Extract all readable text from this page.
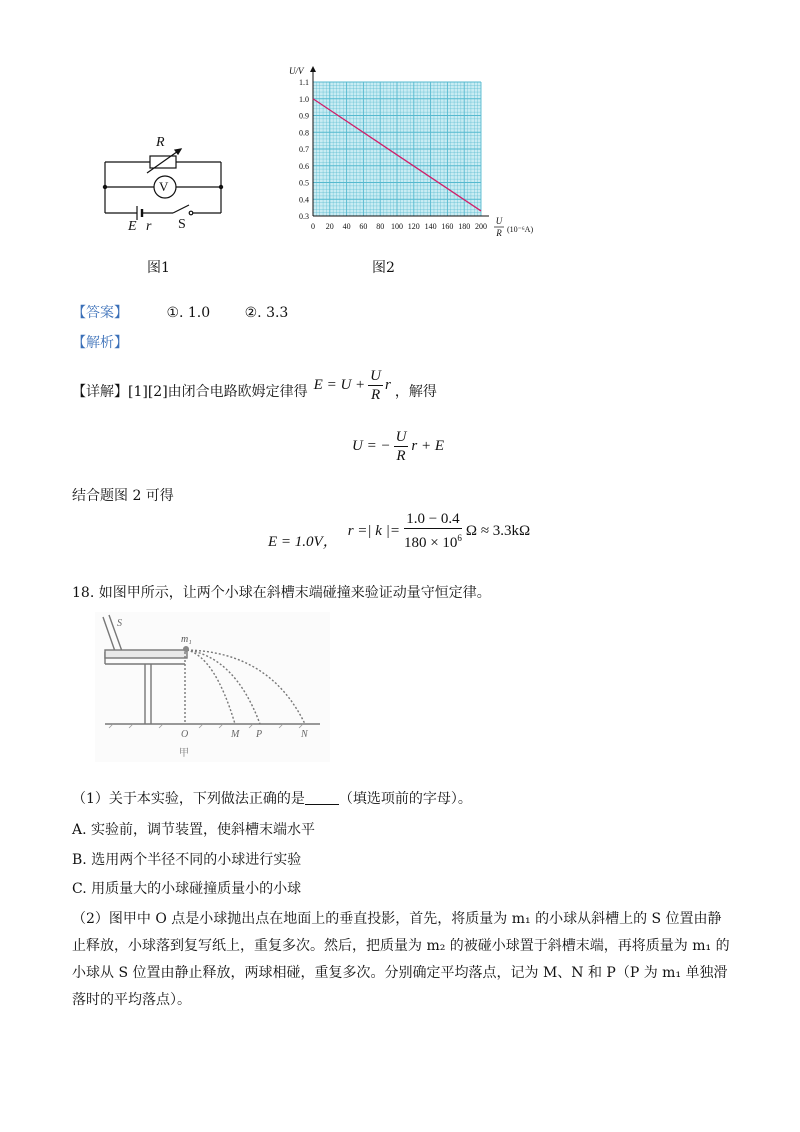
R
V
E r S
图1
1.1
1.0
0.9
0.8
0.7
0.6
0.5
0.4
0.3
0 20 40 60 80 100 120 140 160 180 200
U/V
U
R (10⁻⁶A)
图2
【答案】	①. 1.0 ②. 3.3
【解析】
【详解】[1][2]由闭合电路欧姆定律得 $E = U + \frac{U}{R}$ r ，解得
U = − $\frac{U}{R}$ r + E
结合题图 2 可得
E = 1.0V，
r =| k |= $\frac{1.0 - 0.4}{180 \times 10^6}$ Ω ≈ 3.3kΩ
18. 如图甲所示，让两个小球在斜槽末端碰撞来验证动量守恒定律。
S
m₁
O	M P	N
甲
（1）关于本实验，下列做法正确的是 （填选项前的字母）。
A. 实验前，调节装置，使斜槽末端水平
B. 选用两个半径不同的小球进行实验
C. 用质量大的小球碰撞质量小的小球
（2）图甲中 O 点是小球抛出点在地面上的垂直投影，首先，将质量为 m₁ 的小球从斜槽上的 S 位置由静止释放，小球落到复写纸上，重复多次。然后，把质量为 m₂ 的被碰小球置于斜槽末端，再将质量为 m₁ 的小球从 S 位置由静止释放，两球相碰，重复多次。分别确定平均落点，记为 M、N 和 P（P 为 m₁ 单独滑落时的平均落点）。
